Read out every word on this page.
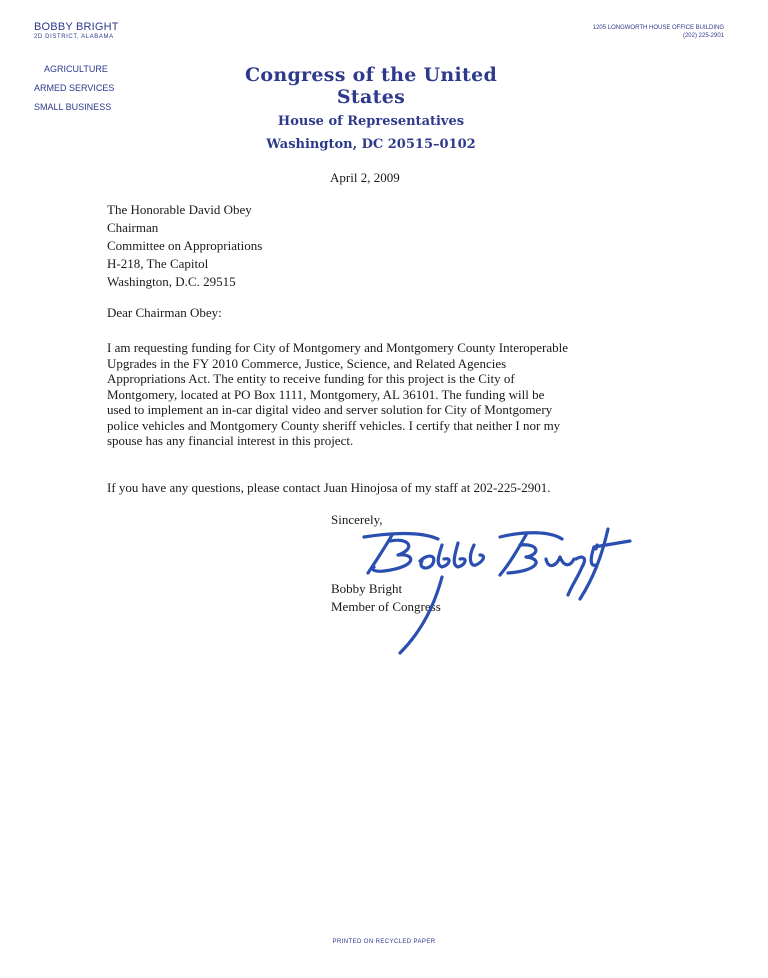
BOBBY BRIGHT
2D DISTRICT, ALABAMA
AGRICULTURE
ARMED SERVICES
SMALL BUSINESS
1205 LONGWORTH HOUSE OFFICE BUILDING
(202) 225-2901
Congress of the United States
House of Representatives
Washington, DC 20515–0102
April 2, 2009
The Honorable David Obey
Chairman
Committee on Appropriations
H-218, The Capitol
Washington, D.C. 29515
Dear Chairman Obey:
I am requesting funding for City of Montgomery and Montgomery County Interoperable
Upgrades in the FY 2010 Commerce, Justice, Science, and Related Agencies
Appropriations Act. The entity to receive funding for this project is the City of
Montgomery, located at PO Box 1111, Montgomery, AL 36101. The funding will be
used to implement an in-car digital video and server solution for City of Montgomery
police vehicles and Montgomery County sheriff vehicles. I certify that neither I nor my
spouse has any financial interest in this project.
If you have any questions, please contact Juan Hinojosa of my staff at 202-225-2901.
Sincerely,
Bobby Bright
Member of Congress
PRINTED ON RECYCLED PAPER
